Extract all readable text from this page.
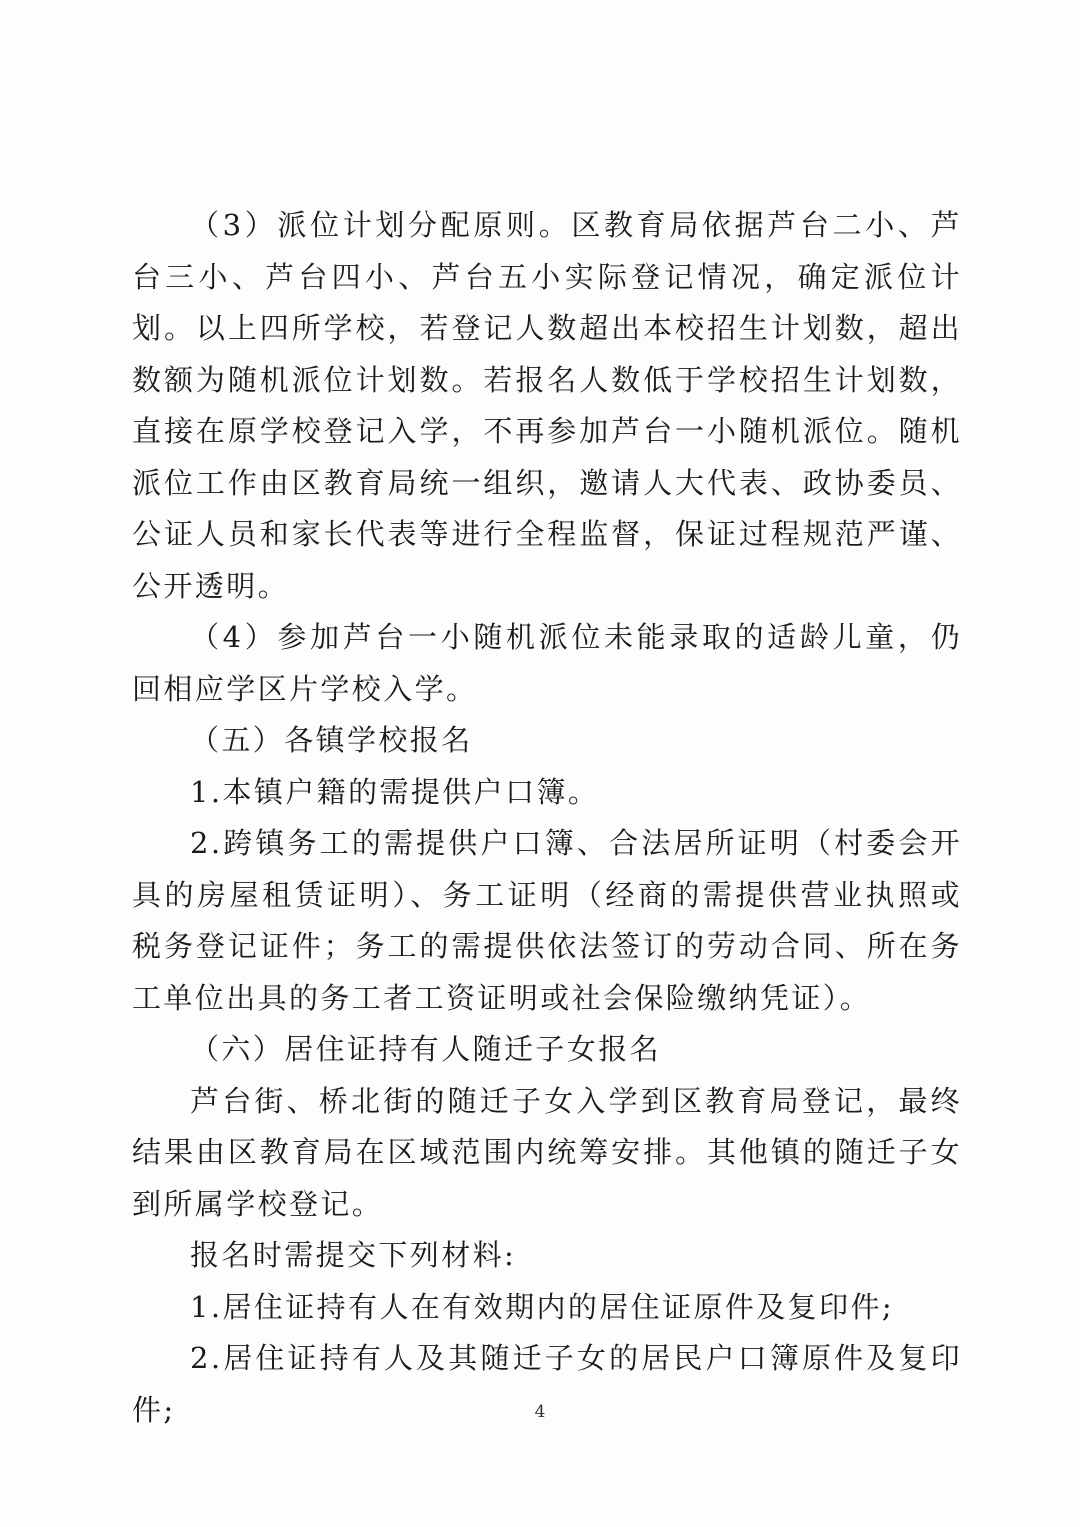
（3）派位计划分配原则。区教育局依据芦台二小、芦台三小、芦台四小、芦台五小实际登记情况，确定派位计划。以上四所学校，若登记人数超出本校招生计划数，超出数额为随机派位计划数。若报名人数低于学校招生计划数，直接在原学校登记入学，不再参加芦台一小随机派位。随机派位工作由区教育局统一组织，邀请人大代表、政协委员、公证人员和家长代表等进行全程监督，保证过程规范严谨、公开透明。

（4）参加芦台一小随机派位未能录取的适龄儿童，仍回相应学区片学校入学。

（五）各镇学校报名

1.本镇户籍的需提供户口簿。

2.跨镇务工的需提供户口簿、合法居所证明（村委会开具的房屋租赁证明）、务工证明（经商的需提供营业执照或税务登记证件；务工的需提供依法签订的劳动合同、所在务工单位出具的务工者工资证明或社会保险缴纳凭证）。

（六）居住证持有人随迁子女报名

芦台街、桥北街的随迁子女入学到区教育局登记，最终结果由区教育局在区域范围内统筹安排。其他镇的随迁子女到所属学校登记。

报名时需提交下列材料:

1.居住证持有人在有效期内的居住证原件及复印件;

2.居住证持有人及其随迁子女的居民户口簿原件及复印件;	4
